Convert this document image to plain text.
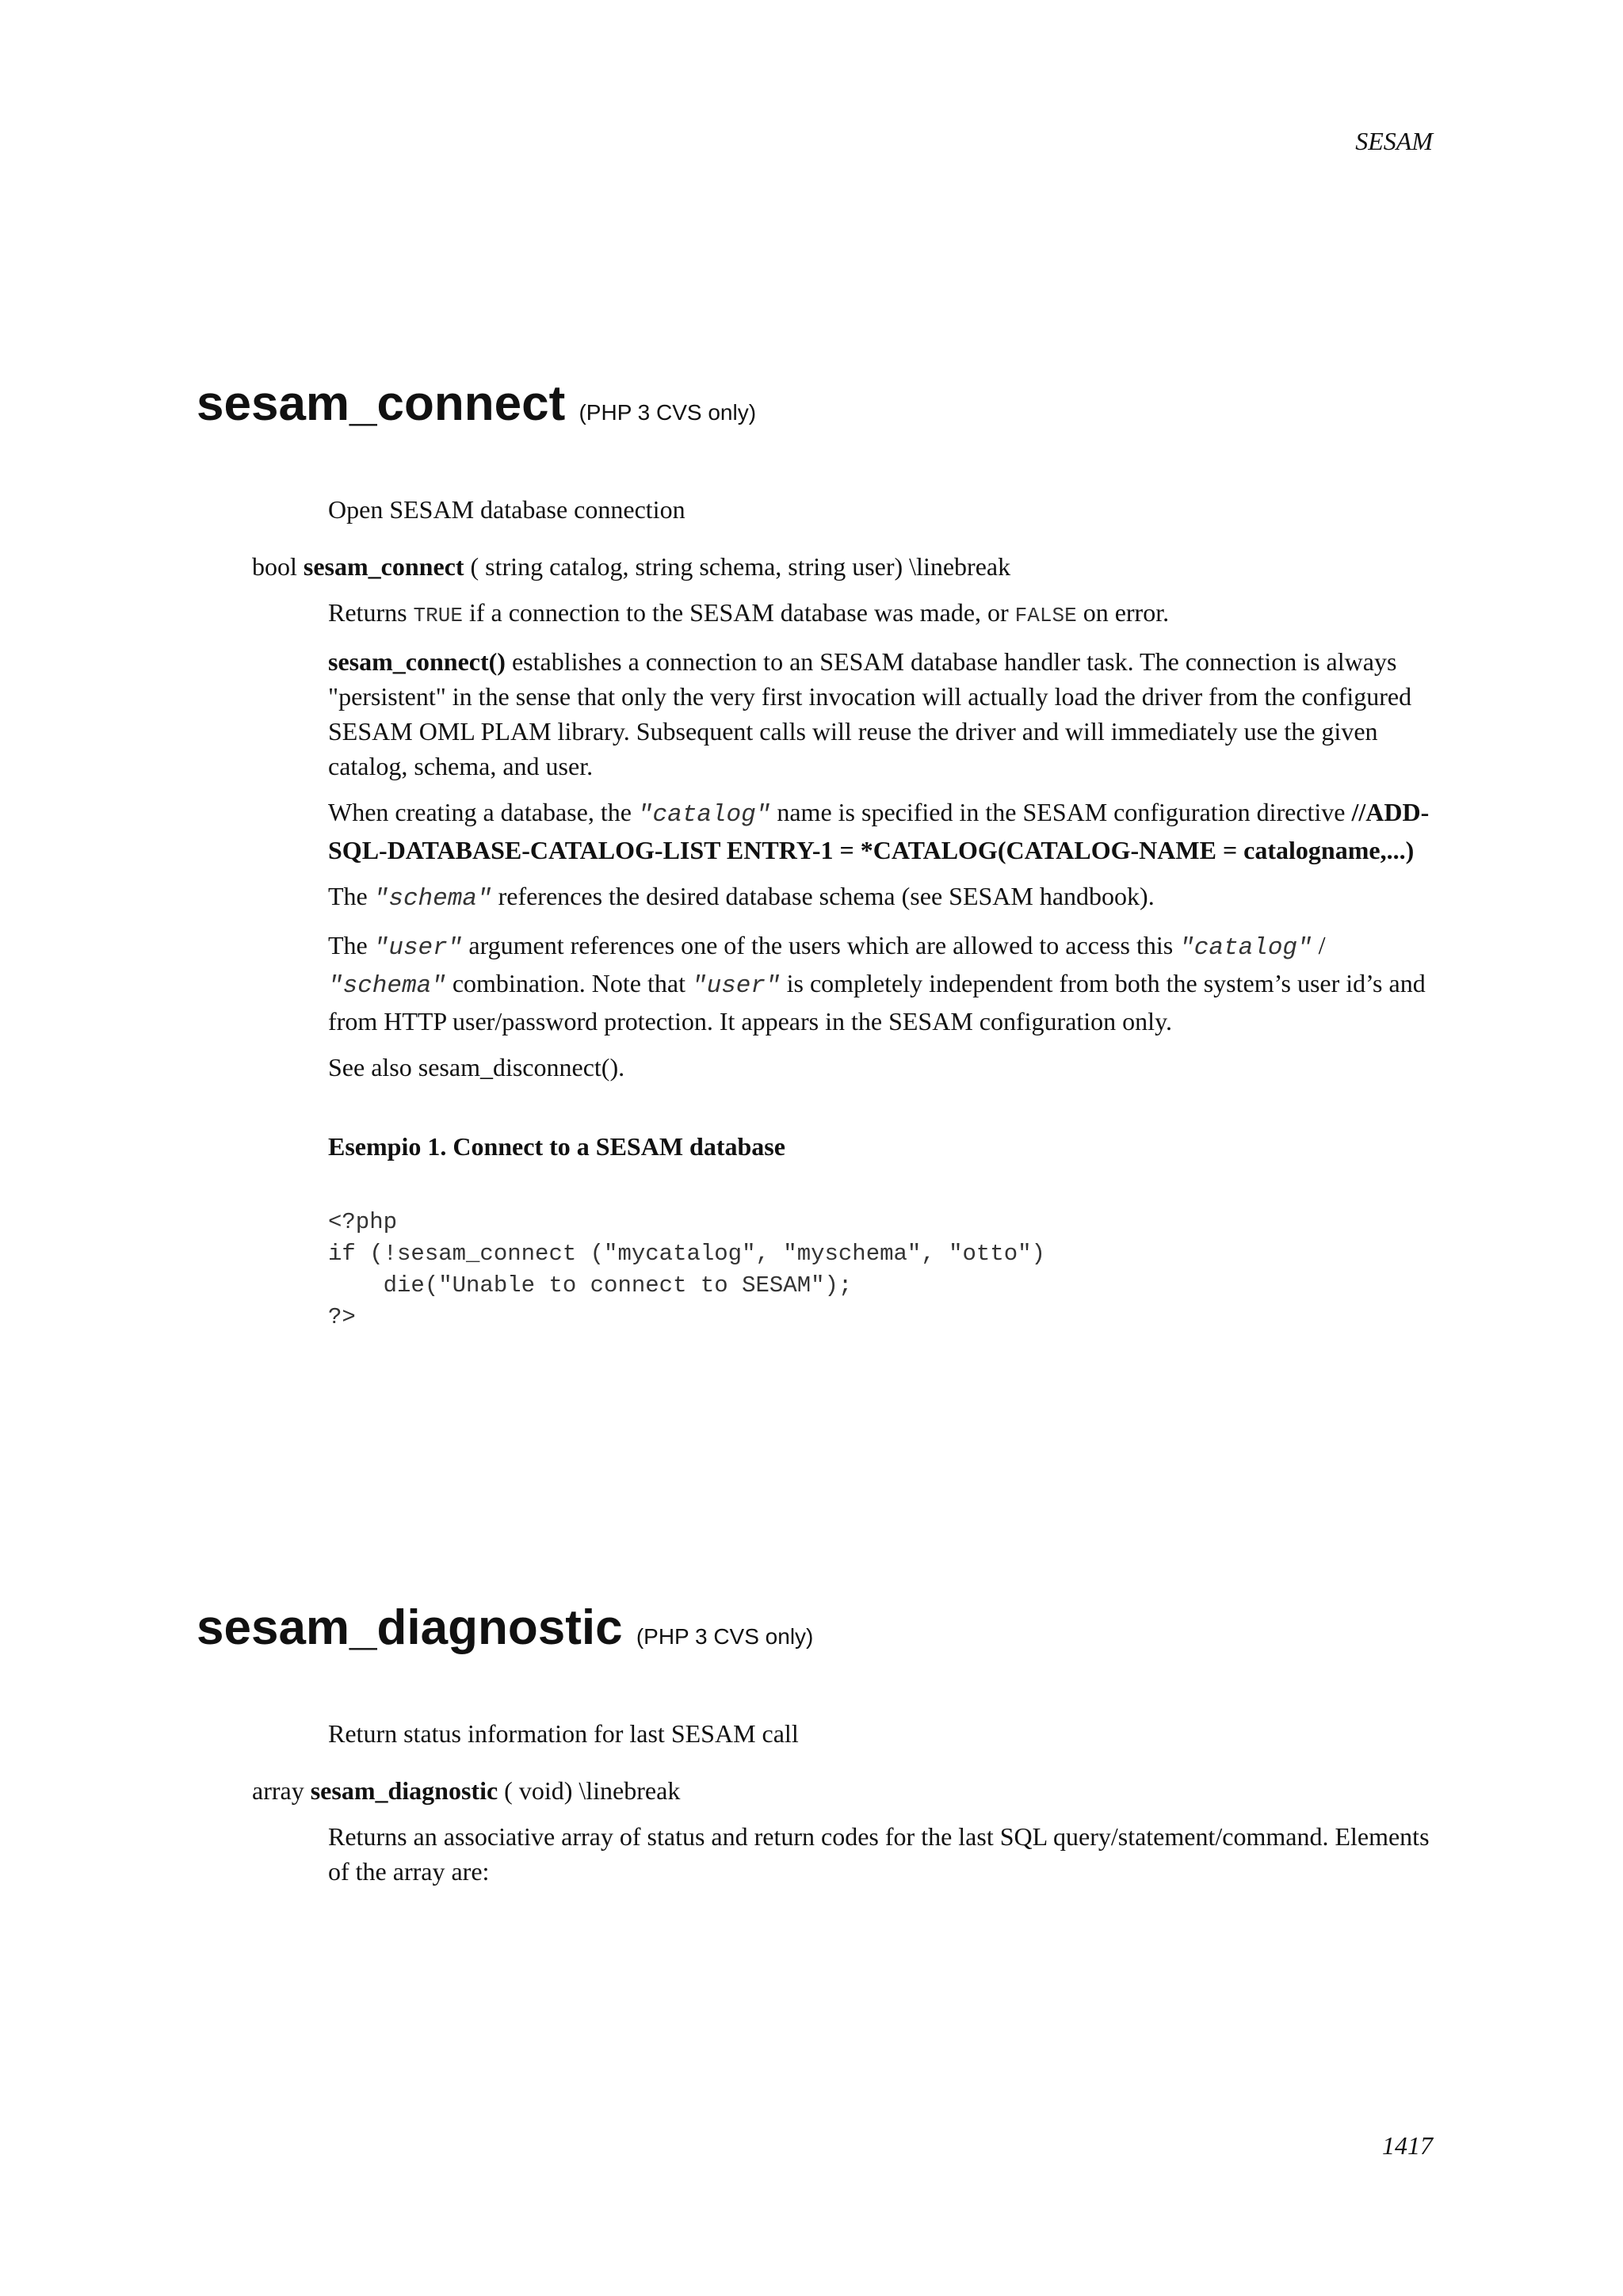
SESAM
sesam_connect (PHP 3 CVS only)
Open SESAM database connection
bool sesam_connect ( string catalog, string schema, string user) \linebreak

Returns TRUE if a connection to the SESAM database was made, or FALSE on error.

sesam_connect() establishes a connection to an SESAM database handler task. The connection is always "persistent" in the sense that only the very first invocation will actually load the driver from the configured SESAM OML PLAM library. Subsequent calls will reuse the driver and will immediately use the given catalog, schema, and user.

When creating a database, the "catalog" name is specified in the SESAM configuration directive //ADD-SQL-DATABASE-CATALOG-LIST ENTRY-1 = *CATALOG(CATALOG-NAME = catalogname,...)

The "schema" references the desired database schema (see SESAM handbook).

The "user" argument references one of the users which are allowed to access this "catalog" / "schema" combination. Note that "user" is completely independent from both the system’s user id’s and from HTTP user/password protection. It appears in the SESAM configuration only.

See also sesam_disconnect().

Esempio 1. Connect to a SESAM database

<?php
if (!sesam_connect ("mycatalog", "myschema", "otto")
die("Unable to connect to SESAM");
?>
sesam_diagnostic (PHP 3 CVS only)
Return status information for last SESAM call
array sesam_diagnostic ( void) \linebreak

Returns an associative array of status and return codes for the last SQL query/statement/command. Elements of the array are:

1417
